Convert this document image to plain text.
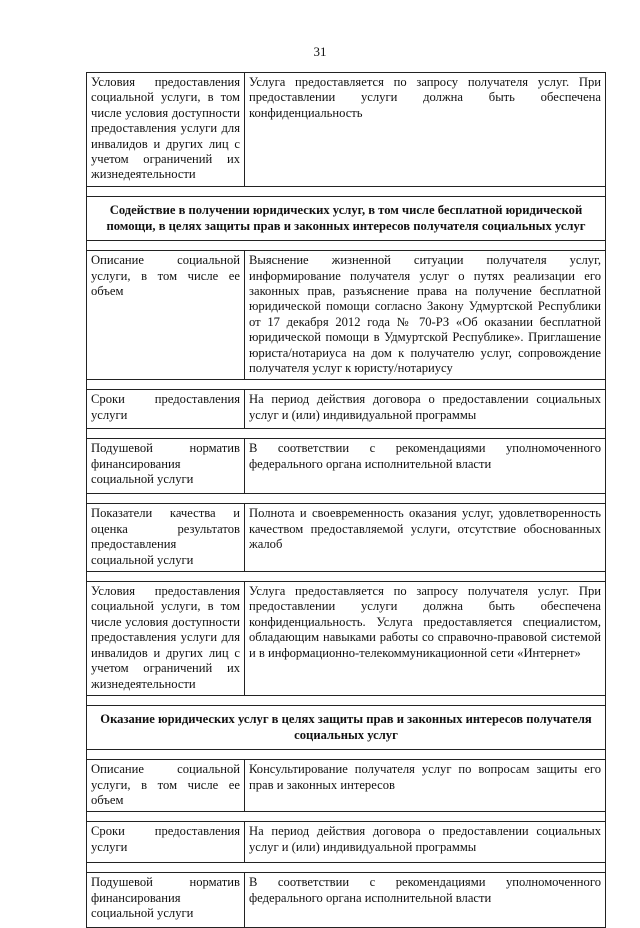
31
Условия предоставления социальной услуги, в том числе условия доступности предоставления услуги для инвалидов и других лиц с учетом ограничений их жизнедеятельности	Услуга предоставляется по запросу получателя услуг. При предоставлении услуги должна быть обеспечена конфиденциальность

Содействие в получении юридических услуг, в том числе бесплатной юридической помощи, в целях защиты прав и законных интересов получателя социальных услуг	

Описание социальной услуги, в том числе ее объем	Выяснение жизненной ситуации получателя услуг, информирование получателя услуг о путях реализации его законных прав, разъяснение права на получение бесплатной юридической помощи согласно Закону Удмуртской Республики от 17 декабря 2012 года № 70-РЗ «Об оказании бесплатной юридической помощи в Удмуртской Республике». Приглашение юриста/нотариуса на дом к получателю услуг, сопровождение получателя услуг к юристу/нотариусу

Сроки предоставления услуги	На период действия договора о предоставлении социальных услуг и (или) индивидуальной программы

Подушевой норматив финансирования социальной услуги	В соответствии с рекомендациями уполномоченного федерального органа исполнительной власти

Показатели качества и оценка результатов предоставления социальной услуги	Полнота и своевременность оказания услуг, удовлетворенность качеством предоставляемой услуги, отсутствие обоснованных жалоб

Условия предоставления социальной услуги, в том числе условия доступности предоставления услуги для инвалидов и других лиц с учетом ограничений их жизнедеятельности	Услуга предоставляется по запросу получателя услуг. При предоставлении услуги должна быть обеспечена конфиденциальность. Услуга предоставляется специалистом, обладающим навыками работы со справочно-правовой системой и в информационно-телекоммуникационной сети «Интернет»

Оказание юридических услуг в целях защиты прав и законных интересов получателя социальных услуг	

Описание социальной услуги, в том числе ее объем	Консультирование получателя услуг по вопросам защиты его прав и законных интересов

Сроки предоставления услуги	На период действия договора о предоставлении социальных услуг и (или) индивидуальной программы

Подушевой норматив финансирования социальной услуги	В соответствии с рекомендациями уполномоченного федерального органа исполнительной власти
